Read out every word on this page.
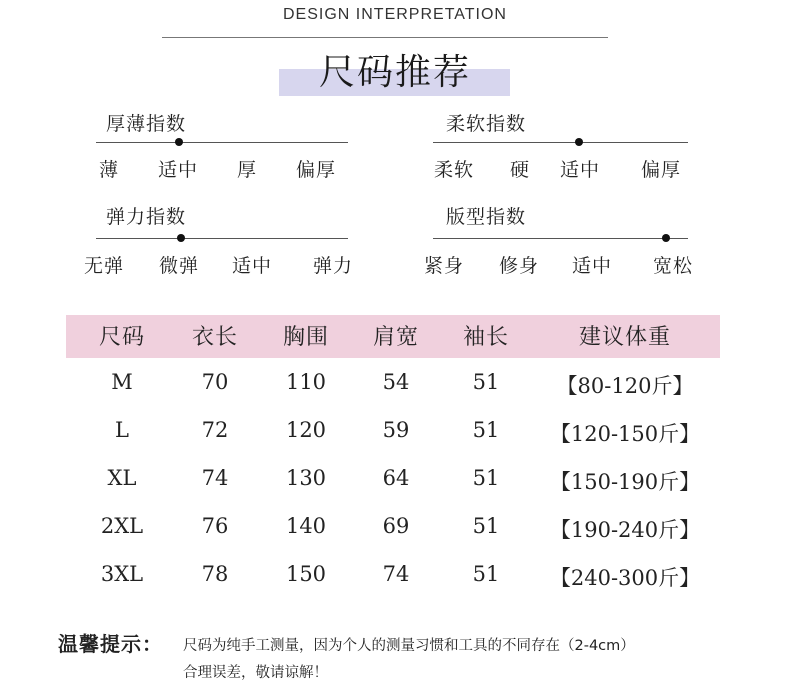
DESIGN INTERPRETATION
尺码推荐
厚薄指数
薄 适中 厚 偏厚
柔软指数
柔软 硬 适中 偏厚
弹力指数
无弹 微弹 适中 弹力
版型指数
紧身 修身 适中 宽松
尺码	衣长	胸围	肩宽	袖长	建议体重
M	70	110	54	51	【80-120斤】
L	72	120	59	51	【120-150斤】
XL	74	130	64	51	【150-190斤】
2XL	76	140	69	51	【190-240斤】
3XL	78	150	74	51	【240-300斤】
温馨提示： 尺码为纯手工测量，因为个人的测量习惯和工具的不同存在（2-4cm）
合理误差，敬请谅解！
